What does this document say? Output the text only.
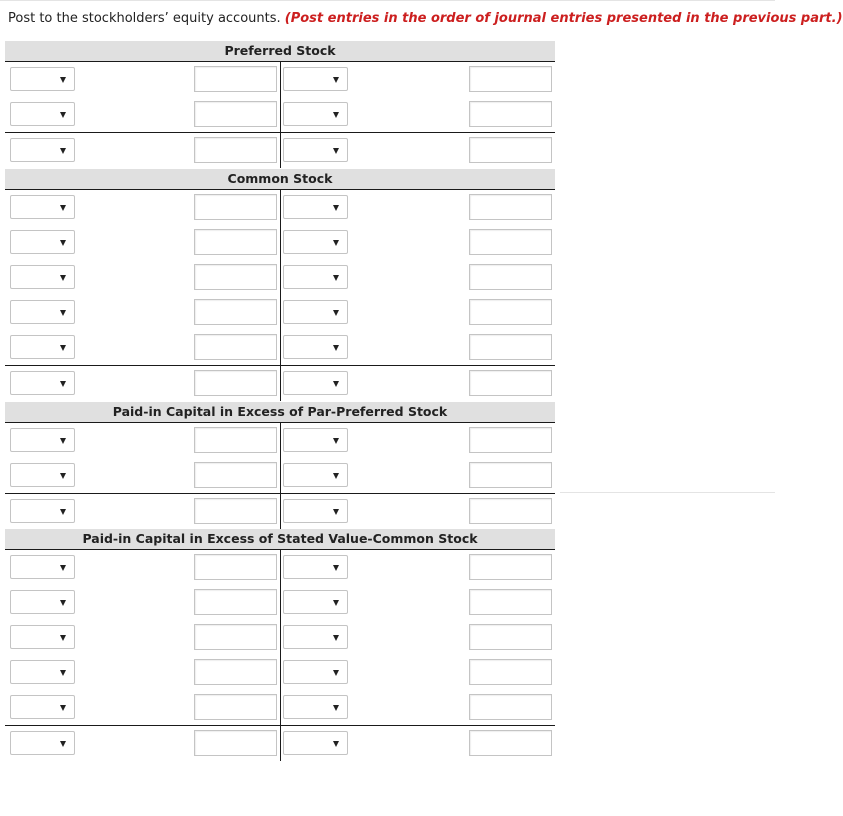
Post to the stockholders’ equity accounts. (Post entries in the order of journal entries presented in the previous part.)
Preferred Stock
Common Stock
Paid-in Capital in Excess of Par-Preferred Stock
Paid-in Capital in Excess of Stated Value-Common Stock
